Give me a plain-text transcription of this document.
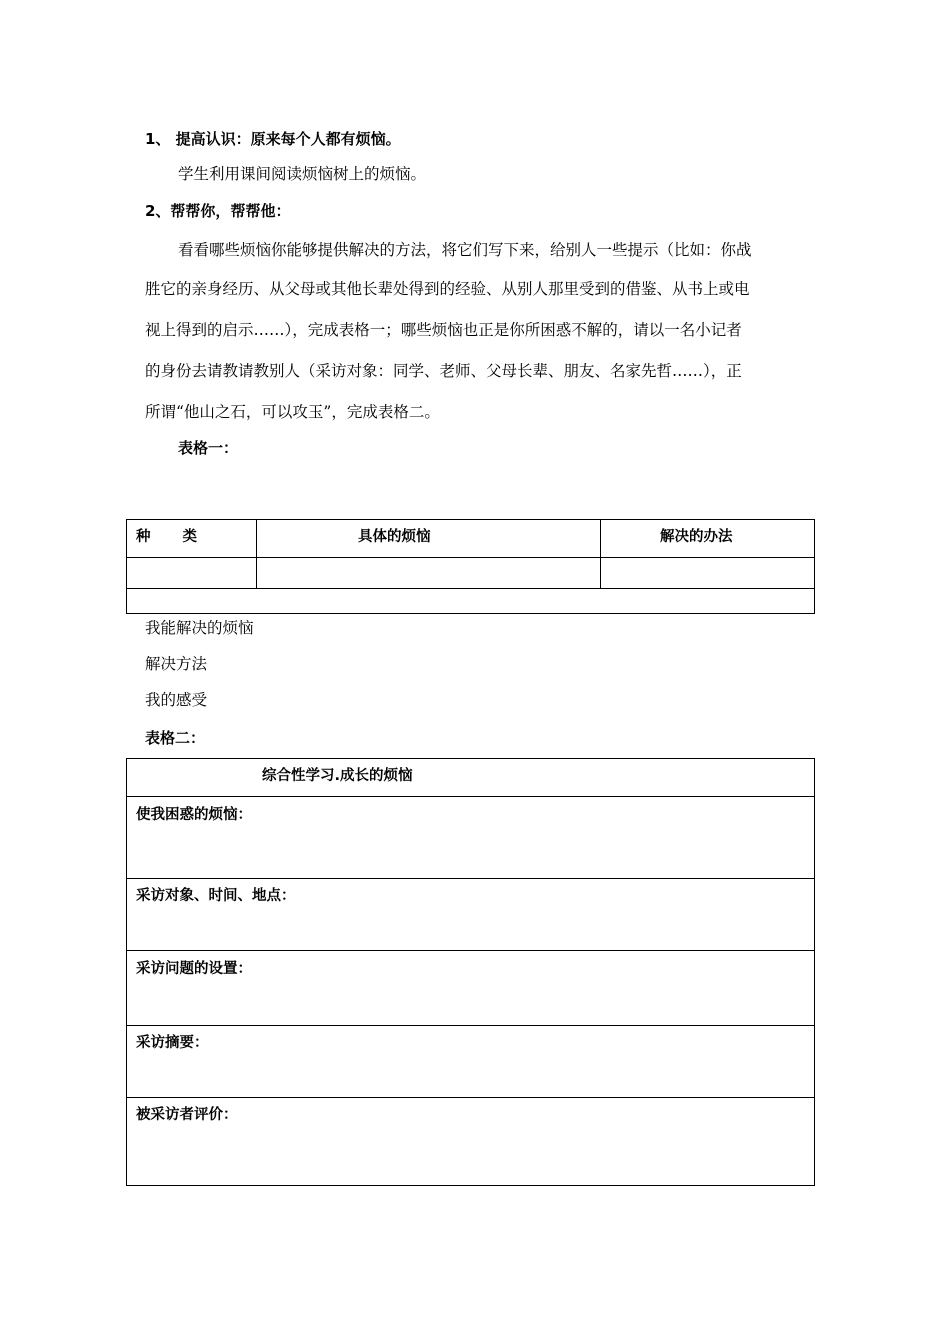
1、 提高认识：原来每个人都有烦恼。
学生利用课间阅读烦恼树上的烦恼。
2、帮帮你，帮帮他：
看看哪些烦恼你能够提供解决的方法，将它们写下来，给别人一些提示（比如：你战
胜它的亲身经历、从父母或其他长辈处得到的经验、从别人那里受到的借鉴、从书上或电
视上得到的启示……），完成表格一；哪些烦恼也正是你所困惑不解的，请以一名小记者
的身份去请教请教别人（采访对象：同学、老师、父母长辈、朋友、名家先哲……），正
所谓“他山之石，可以攻玉”，完成表格二。
表格一：
种　　类	具体的烦恼	解决的办法
我能解决的烦恼
解决方法
我的感受
表格二：
综合性学习.成长的烦恼
使我困惑的烦恼：
采访对象、时间、地点：
采访问题的设置：
采访摘要：
被采访者评价：
